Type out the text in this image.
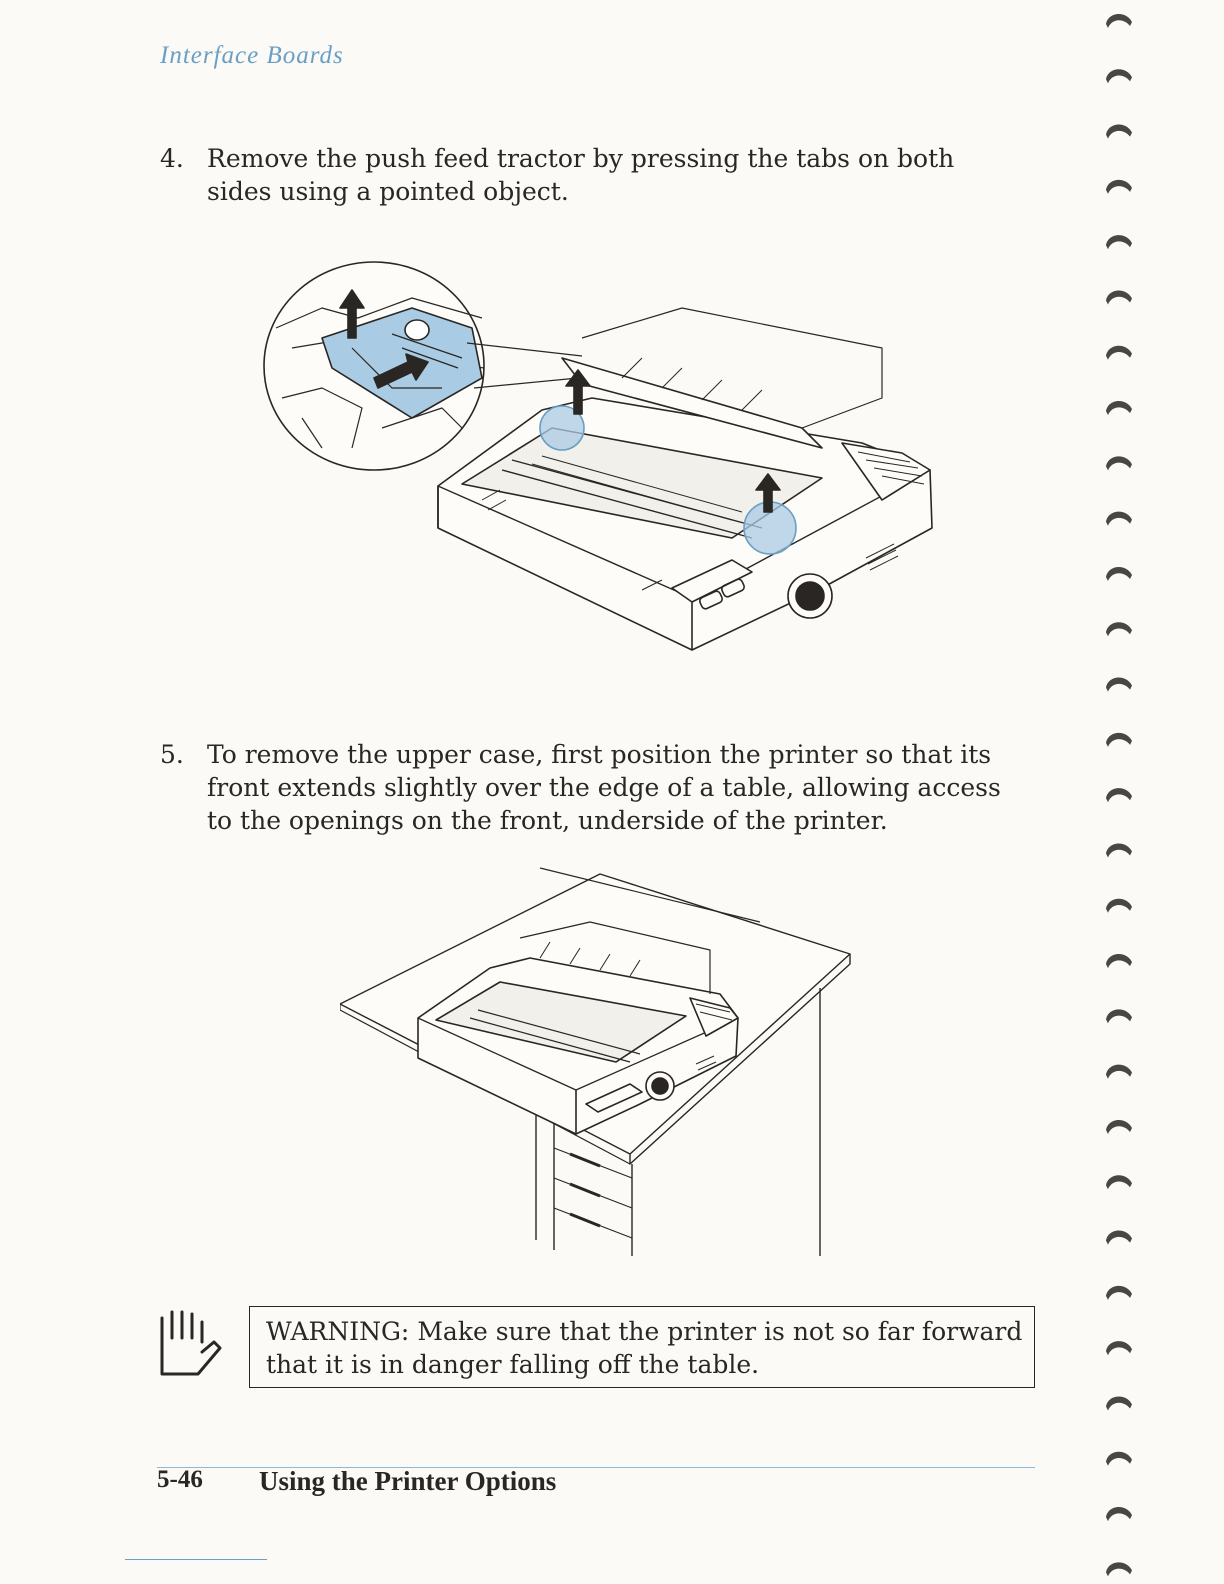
Interface Boards
4. Remove the push feed tractor by pressing the tabs on both sides using a pointed object.
5. To remove the upper case, first position the printer so that its front extends slightly over the edge of a table, allowing access to the openings on the front, underside of the printer.
WARNING: Make sure that the printer is not so far forward that it is in danger falling off the table.
5-46 Using the Printer Options
